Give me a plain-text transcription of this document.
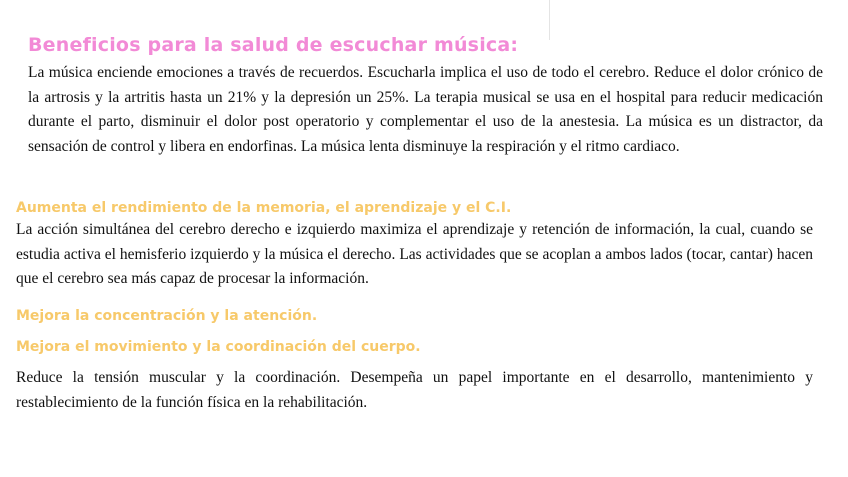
Beneficios para la salud de escuchar música:

La música enciende emociones a través de recuerdos. Escucharla implica el uso de todo el cerebro. Reduce el dolor crónico de la artrosis y la artritis hasta un 21% y la depresión un 25%. La terapia musical se usa en el hospital para reducir medicación durante el parto, disminuir el dolor post operatorio y complementar el uso de la anestesia. La música es un distractor, da sensación de control y libera en endorfinas. La música lenta disminuye la respiración y el ritmo cardiaco.

Aumenta el rendimiento de la memoria, el aprendizaje y el C.I.

La acción simultánea del cerebro derecho e izquierdo maximiza el aprendizaje y retención de información, la cual, cuando se estudia activa el hemisferio izquierdo y la música el derecho. Las actividades que se acoplan a ambos lados (tocar, cantar) hacen que el cerebro sea más capaz de procesar la información.

Mejora la concentración y la atención.
Mejora el movimiento y la coordinación del cuerpo.

Reduce la tensión muscular y la coordinación. Desempeña un papel importante en el desarrollo, mantenimiento y restablecimiento de la función física en la rehabilitación.
